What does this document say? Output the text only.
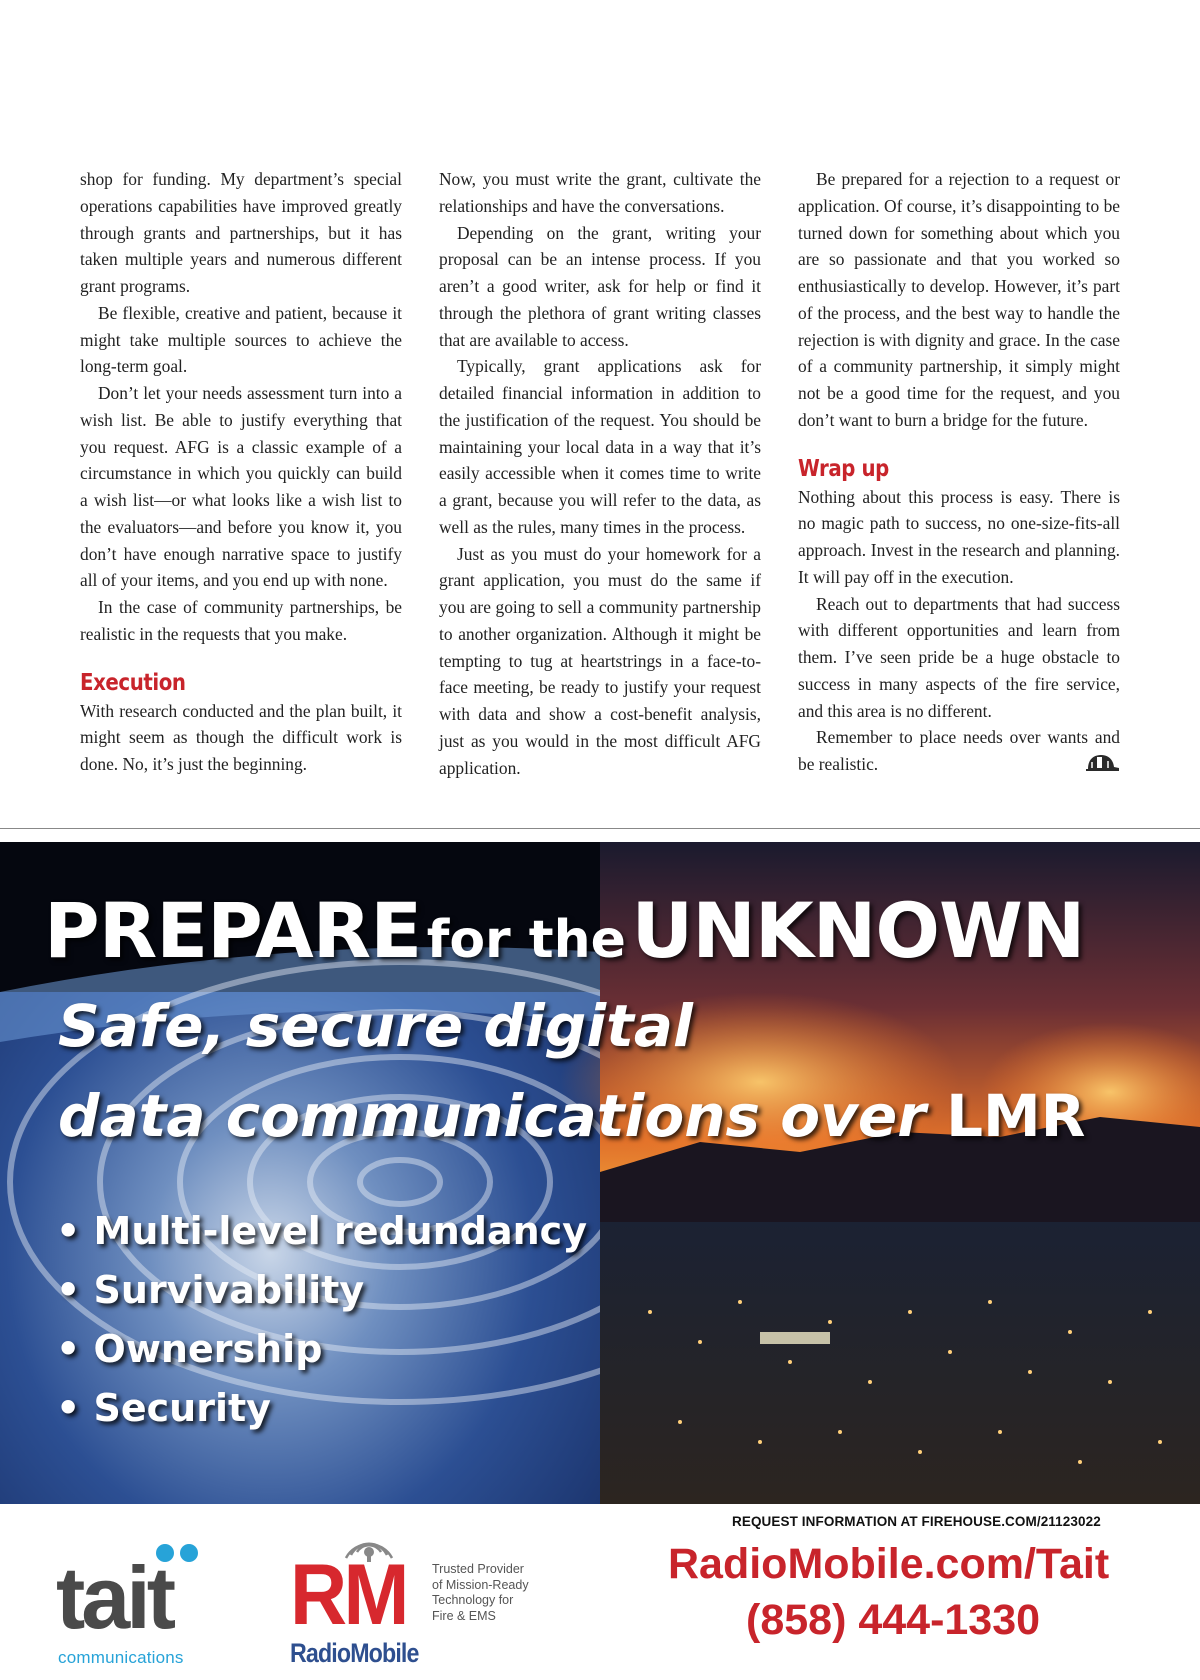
shop for funding. My department’s special operations capabilities have improved greatly through grants and partnerships, but it has taken multiple years and numerous different grant programs.

Be flexible, creative and patient, because it might take multiple sources to achieve the long-term goal.

Don’t let your needs assessment turn into a wish list. Be able to justify everything that you request. AFG is a classic example of a circumstance in which you quickly can build a wish list—or what looks like a wish list to the evaluators—and before you know it, you don’t have enough narrative space to justify all of your items, and you end up with none.

In the case of community partnerships, be realistic in the requests that you make.

Execution

With research conducted and the plan built, it might seem as though the difficult work is done. No, it’s just the beginning.

Now, you must write the grant, cultivate the relationships and have the conversations.

Depending on the grant, writing your proposal can be an intense process. If you aren’t a good writer, ask for help or find it through the plethora of grant writing classes that are available to access.

Typically, grant applications ask for detailed financial information in addition to the justification of the request. You should be maintaining your local data in a way that it’s easily accessible when it comes time to write a grant, because you will refer to the data, as well as the rules, many times in the process.

Just as you must do your homework for a grant application, you must do the same if you are going to sell a community partnership to another organization. Although it might be tempting to tug at heartstrings in a face-to-face meeting, be ready to justify your request with data and show a cost-benefit analysis, just as you would in the most difficult AFG application.

Be prepared for a rejection to a request or application. Of course, it’s disappointing to be turned down for something about which you are so passionate and that you worked so enthusiastically to develop. However, it’s part of the process, and the best way to handle the rejection is with dignity and grace. In the case of a community partnership, it simply might not be a good time for the request, and you don’t want to burn a bridge for the future.

Wrap up

Nothing about this process is easy. There is no magic path to success, no one-size-fits-all approach. Invest in the research and planning. It will pay off in the execution.

Reach out to departments that had success with different opportunities and learn from them. I’ve seen pride be a huge obstacle to success in many aspects of the fire service, and this area is no different.

Remember to place needs over wants and be realistic.

PREPARE for the UNKNOWN
Safe, secure digital
data communications over LMR
• Multi-level redundancy
• Survivability
• Ownership
• Security
tait
communications
RM
RadioMobile
Trusted Provider
of Mission-Ready
Technology for
Fire & EMS
REQUEST INFORMATION AT FIREHOUSE.COM/21123022
RadioMobile.com/Tait
(858) 444-1330
